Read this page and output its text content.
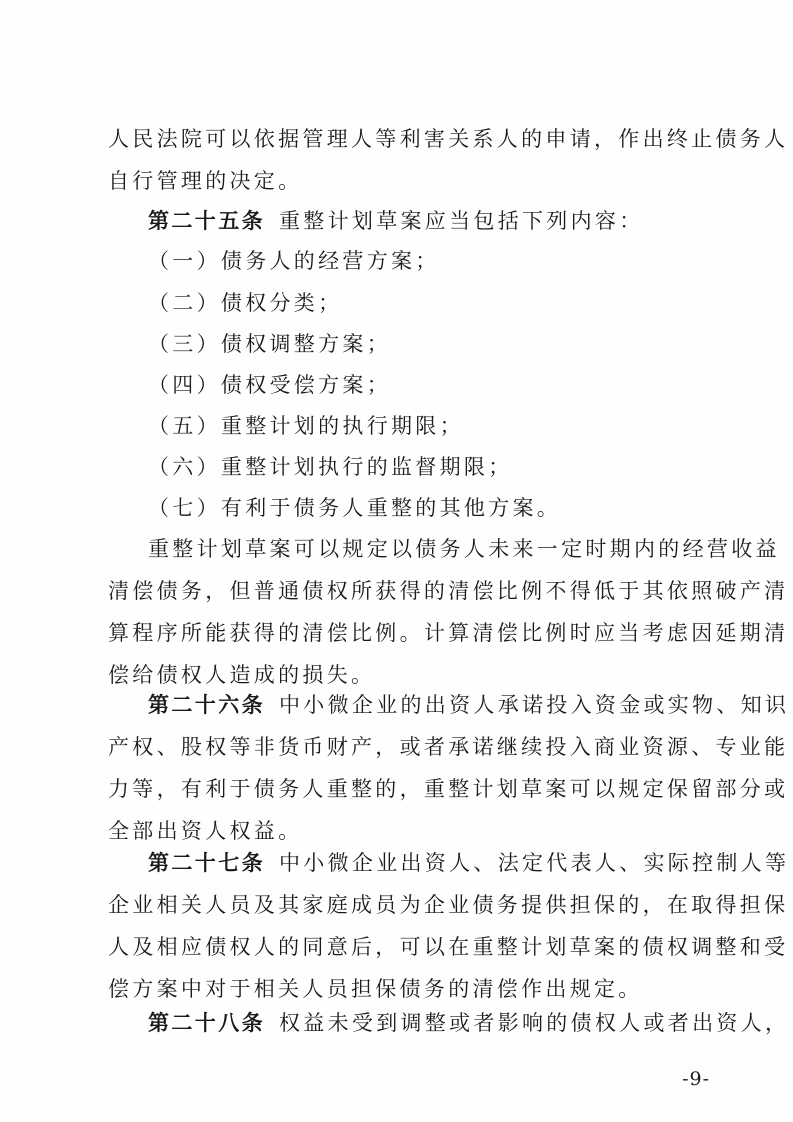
人民法院可以依据管理人等利害关系人的申请，作出终止债务人
自行管理的决定。
第二十五条 重整计划草案应当包括下列内容：
（一）债务人的经营方案；
（二）债权分类；
（三）债权调整方案；
（四）债权受偿方案；
（五）重整计划的执行期限；
（六）重整计划执行的监督期限；
（七）有利于债务人重整的其他方案。
重整计划草案可以规定以债务人未来一定时期内的经营收益
清偿债务，但普通债权所获得的清偿比例不得低于其依照破产清
算程序所能获得的清偿比例。计算清偿比例时应当考虑因延期清
偿给债权人造成的损失。
第二十六条 中小微企业的出资人承诺投入资金或实物、知识
产权、股权等非货币财产，或者承诺继续投入商业资源、专业能
力等，有利于债务人重整的，重整计划草案可以规定保留部分或
全部出资人权益。
第二十七条 中小微企业出资人、法定代表人、实际控制人等
企业相关人员及其家庭成员为企业债务提供担保的，在取得担保
人及相应债权人的同意后，可以在重整计划草案的债权调整和受
偿方案中对于相关人员担保债务的清偿作出规定。
第二十八条 权益未受到调整或者影响的债权人或者出资人，
-9-
